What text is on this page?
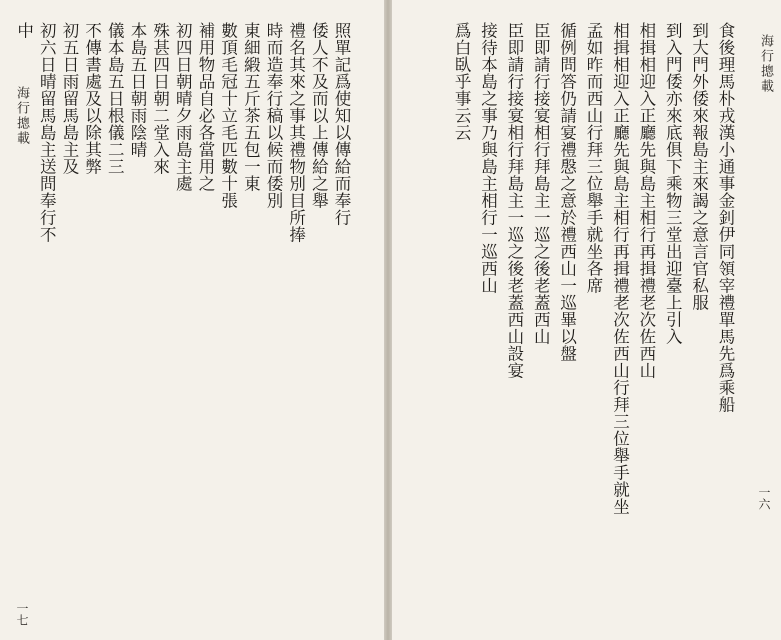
海行摠載	照單記爲使知以傳給而奉行
倭人不及而以上傳給之舉
禮名其來之事其禮物別目所捧
時而造奉行稿以候而倭別
東細緞五斤茶五包一東
數頂毛冠十立毛匹數十張
補用物品自必各當用之
初四日朝晴夕雨島主處
殊甚四日朝二堂入來
本島五日朝雨陰晴
儀本島五日根儀二三
不傳書處及以除其弊
初五日雨留馬島主及
初六日晴留馬島主送問奉行不
中
一七
海行摠載
食後理馬朴戎漢小通事金釗伊同領宰禮單馬先爲乘船
到大門外倭來報島主來謁之意言官私服
到入門倭亦來底俱下乘物三堂出迎臺上引入
相揖相迎入正廳先與島主相行再揖禮老次佐西山
相揖相迎入正廳先與島主相行再揖禮老次佐西山行拜三位舉手就坐
孟如昨而西山行拜三位舉手就坐各席
循例問答仍請宴禮慇之意於禮西山一巡畢以盤
臣即請行接宴相行拜島主一巡之後老蓋西山
臣即請行接宴相行拜島主一巡之後老蓋西山設宴
接待本島之事乃與島主相行一巡西山
爲白臥乎事云云
一六
